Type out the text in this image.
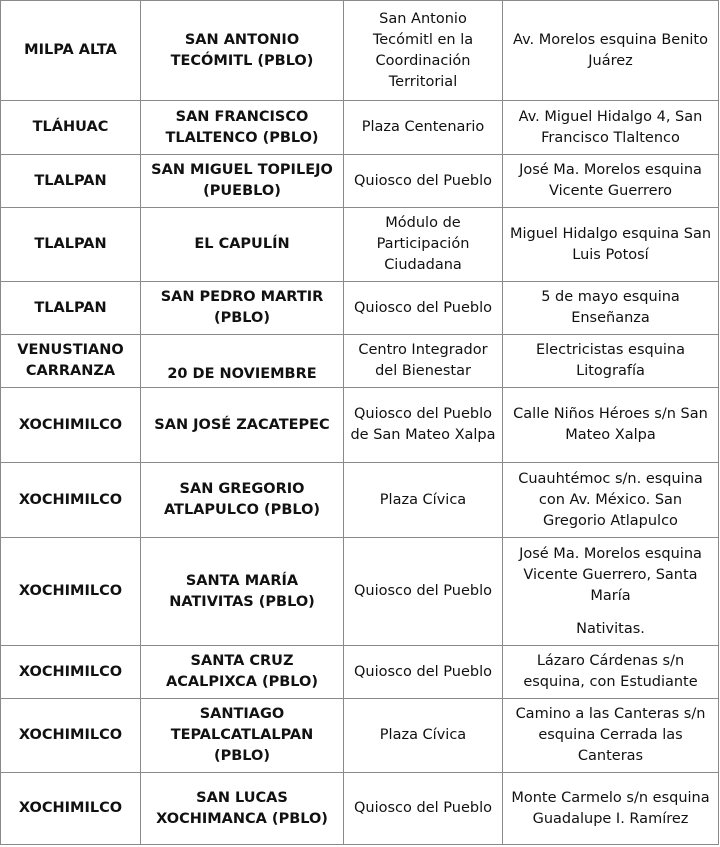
MILPA ALTA	SAN ANTONIO TECÓMITL (PBLO)	San Antonio Tecómitl en la Coordinación Territorial	Av. Morelos esquina Benito Juárez
TLÁHUAC	SAN FRANCISCO TLALTENCO (PBLO)	Plaza Centenario	Av. Miguel Hidalgo 4, San Francisco Tlaltenco
TLALPAN	SAN MIGUEL TOPILEJO (PUEBLO)	Quiosco del Pueblo	José Ma. Morelos esquina Vicente Guerrero
TLALPAN	EL CAPULÍN	Módulo de Participación Ciudadana	Miguel Hidalgo esquina San Luis Potosí
TLALPAN	SAN PEDRO MARTIR (PBLO)	Quiosco del Pueblo	5 de mayo esquina Enseñanza
VENUSTIANO CARRANZA	20 DE NOVIEMBRE	Centro Integrador del Bienestar	Electricistas esquina Litografía
XOCHIMILCO	SAN JOSÉ ZACATEPEC	Quiosco del Pueblo de San Mateo Xalpa	Calle Niños Héroes s/n San Mateo Xalpa
XOCHIMILCO	SAN GREGORIO ATLAPULCO (PBLO)	Plaza Cívica	Cuauhtémoc s/n. esquina con Av. México. San Gregorio Atlapulco
XOCHIMILCO	SANTA MARÍA NATIVITAS (PBLO)	Quiosco del Pueblo	José Ma. Morelos esquina Vicente Guerrero, Santa María
Nativitas.

XOCHIMILCO	SANTA CRUZ ACALPIXCA (PBLO)	Quiosco del Pueblo	Lázaro Cárdenas s/n esquina, con Estudiante
XOCHIMILCO	SANTIAGO TEPALCATLALPAN (PBLO)	Plaza Cívica	Camino a las Canteras s/n esquina Cerrada las Canteras
XOCHIMILCO	SAN LUCAS XOCHIMANCA (PBLO)	Quiosco del Pueblo	Monte Carmelo s/n esquina Guadalupe I. Ramírez
